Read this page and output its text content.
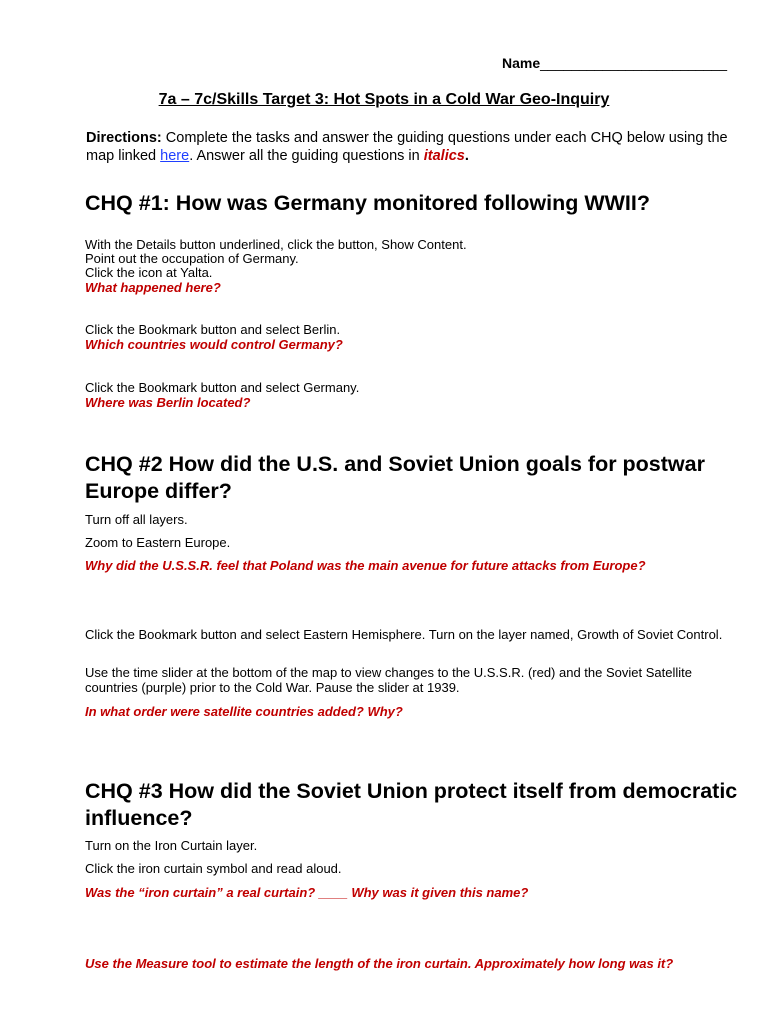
Name________________________
7a – 7c/Skills Target 3: Hot Spots in a Cold War Geo-Inquiry
Directions: Complete the tasks and answer the guiding questions under each CHQ below using the map linked here. Answer all the guiding questions in italics.
CHQ #1: How was Germany monitored following WWII?
With the Details button underlined, click the button, Show Content.
Point out the occupation of Germany.
Click the icon at Yalta.
What happened here?
Click the Bookmark button and select Berlin.
Which countries would control Germany?
Click the Bookmark button and select Germany.
Where was Berlin located?
CHQ #2 How did the U.S. and Soviet Union goals for postwar Europe differ?
Turn off all layers.
Zoom to Eastern Europe.
Why did the U.S.S.R. feel that Poland was the main avenue for future attacks from Europe?
Click the Bookmark button and select Eastern Hemisphere. Turn on the layer named, Growth of Soviet Control.
Use the time slider at the bottom of the map to view changes to the U.S.S.R. (red) and the Soviet Satellite countries (purple) prior to the Cold War. Pause the slider at 1939.
In what order were satellite countries added? Why?
CHQ #3 How did the Soviet Union protect itself from democratic influence?
Turn on the Iron Curtain layer.
Click the iron curtain symbol and read aloud.
Was the “iron curtain” a real curtain? ____ Why was it given this name?
Use the Measure tool to estimate the length of the iron curtain. Approximately how long was it?
